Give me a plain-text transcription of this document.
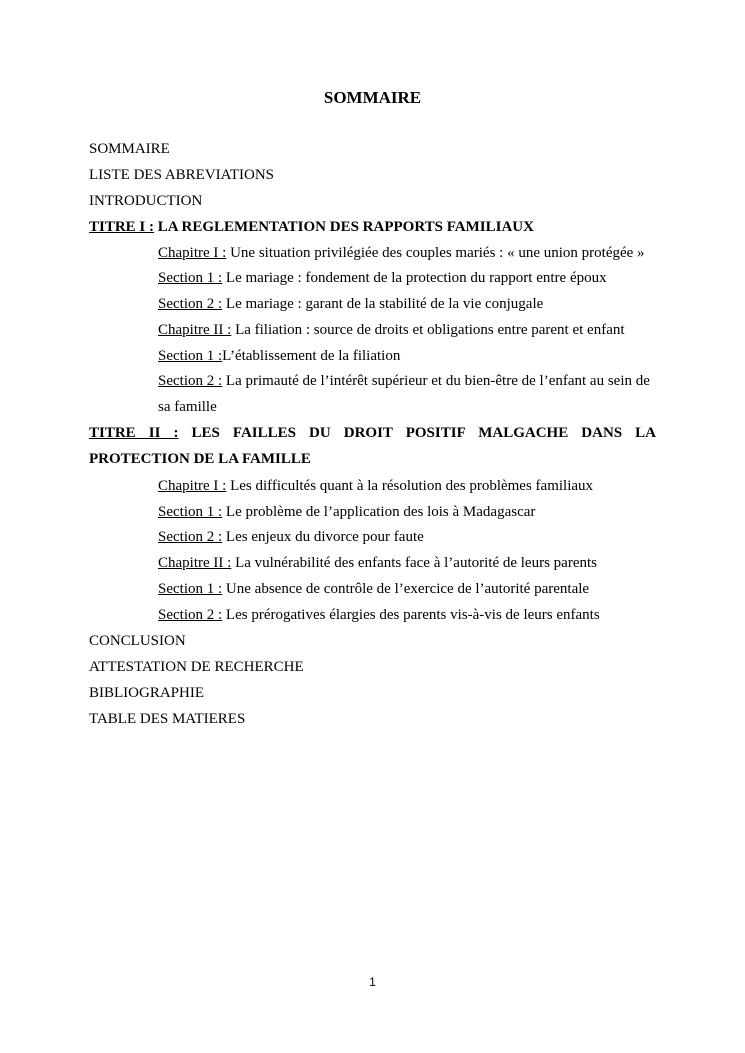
SOMMAIRE
SOMMAIRE
LISTE DES ABREVIATIONS
INTRODUCTION
TITRE I : LA REGLEMENTATION DES RAPPORTS FAMILIAUX
Chapitre I : Une situation privilégiée des couples mariés : « une union protégée »
Section 1 : Le mariage : fondement de la protection du rapport entre époux
Section 2 : Le mariage : garant de la stabilité de la vie conjugale
Chapitre II : La filiation : source de droits et obligations entre parent et enfant
Section 1 :L’établissement de la filiation
Section 2 : La primauté de l’intérêt supérieur et du bien-être de l’enfant au sein de sa famille
TITRE II : LES FAILLES DU DROIT POSITIF MALGACHE DANS LA PROTECTION DE LA FAMILLE
Chapitre I : Les difficultés quant à la résolution des problèmes familiaux
Section 1 : Le problème de l’application des lois à Madagascar
Section 2 : Les enjeux du divorce pour faute
Chapitre II : La vulnérabilité des enfants face à l’autorité de leurs parents
Section 1 : Une absence de contrôle de l’exercice de l’autorité parentale
Section 2 : Les prérogatives élargies des parents vis-à-vis de leurs enfants
CONCLUSION
ATTESTATION DE RECHERCHE
BIBLIOGRAPHIE
TABLE DES MATIERES
1
